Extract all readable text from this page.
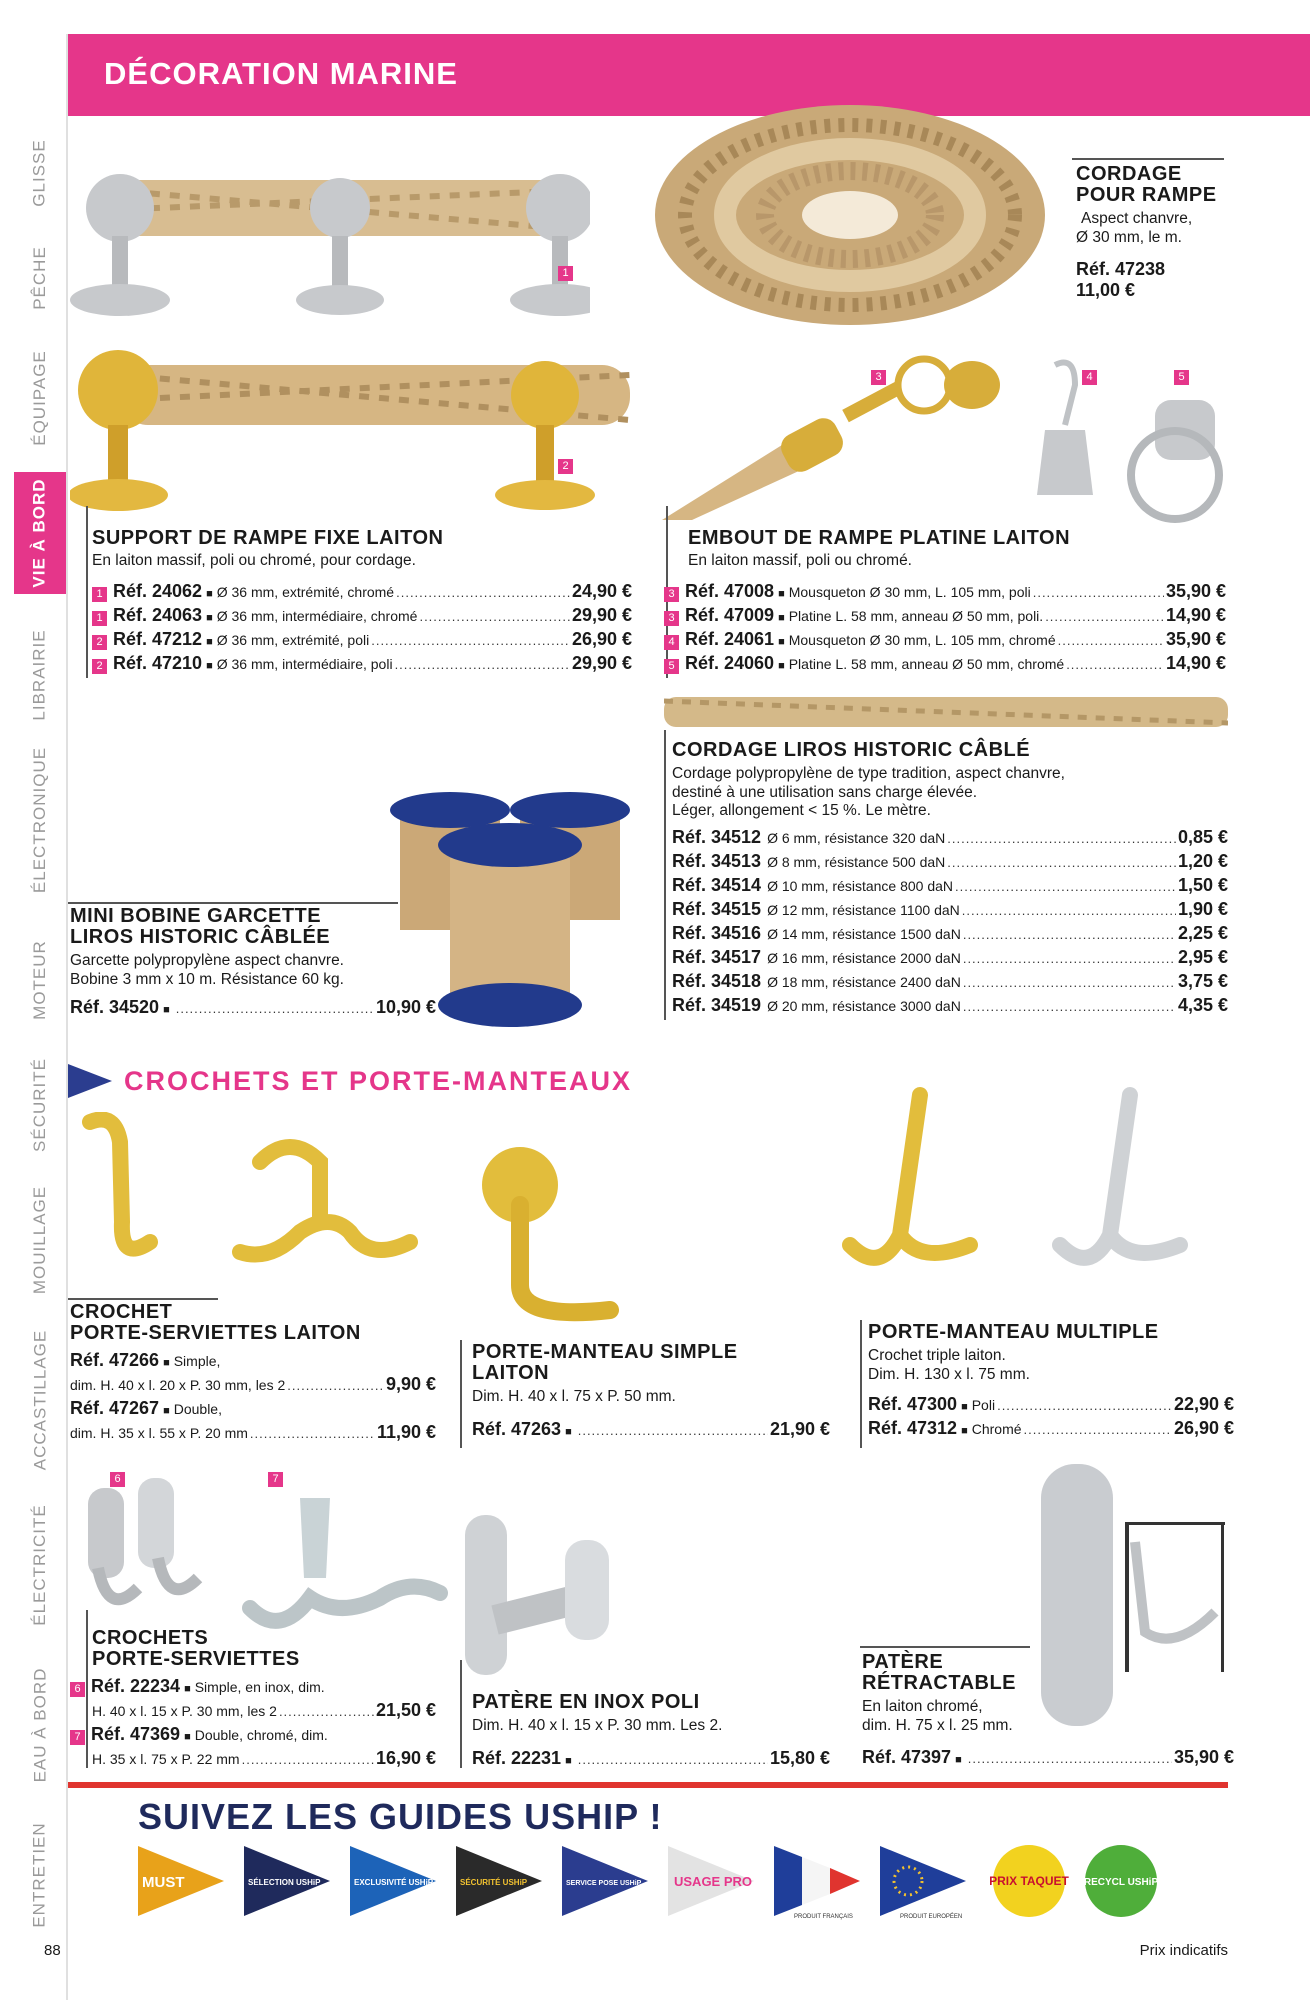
GLISSE
PÊCHE
ÉQUIPAGE
VIE À BORD
LIBRAIRIE
ÉLECTRONIQUE
MOTEUR
SÉCURITÉ
MOUILLAGE
ACCASTILLAGE
ÉLECTRICITÉ
EAU À BORD
ENTRETIEN
DÉCORATION MARINE
CORDAGE
POUR RAMPE
Aspect chanvre,
Ø 30 mm, le m.
Réf. 47238
11,00 €
1
2
3	4	5
SUPPORT DE RAMPE FIXE LAITON
En laiton massif, poli ou chromé, pour cordage.
1 Réf. 24062 ■ Ø 36 mm, extrémité, chromé .....	24,90 €
1 Réf. 24063 ■ Ø 36 mm, intermédiaire, chromé .....	29,90 €
2 Réf. 47212 ■ Ø 36 mm, extrémité, poli .....	26,90 €
2 Réf. 47210 ■ Ø 36 mm, intermédiaire, poli .....	29,90 €
EMBOUT DE RAMPE PLATINE LAITON
En laiton massif, poli ou chromé.
3 Réf. 47008 ■ Mousqueton Ø 30 mm, L. 105 mm, poli .....	35,90 €
3 Réf. 47009 ■ Platine L. 58 mm, anneau Ø 50 mm, poli. .....	14,90 €
4 Réf. 24061 ■ Mousqueton Ø 30 mm, L. 105 mm, chromé .....	35,90 €
5 Réf. 24060 ■ Platine L. 58 mm, anneau Ø 50 mm, chromé .....	14,90 €
CORDAGE LIROS HISTORIC CÂBLÉ
Cordage polypropylène de type tradition, aspect chanvre,
destiné à une utilisation sans charge élevée.
Léger, allongement < 15 %. Le mètre.
Réf. 34512 Ø 6 mm, résistance 320 daN .....	0,85 €
Réf. 34513 Ø 8 mm, résistance 500 daN .....	1,20 €
Réf. 34514 Ø 10 mm, résistance 800 daN .....	1,50 €
Réf. 34515 Ø 12 mm, résistance 1100 daN .....	1,90 €
Réf. 34516 Ø 14 mm, résistance 1500 daN .....	2,25 €
Réf. 34517 Ø 16 mm, résistance 2000 daN .....	2,95 €
Réf. 34518 Ø 18 mm, résistance 2400 daN .....	3,75 €
Réf. 34519 Ø 20 mm, résistance 3000 daN .....	4,35 €
MINI BOBINE GARCETTE
LIROS HISTORIC CÂBLÉE
Garcette polypropylène aspect chanvre.
Bobine 3 mm x 10 m. Résistance 60 kg.
Réf. 34520 ■ .....	10,90 €
CROCHETS ET PORTE-MANTEAUX
CROCHET
PORTE-SERVIETTES LAITON
Réf. 47266 ■ Simple,
dim. H. 40 x l. 20 x P. 30 mm, les 2 .....	9,90 €
Réf. 47267 ■ Double,
dim. H. 35 x l. 55 x P. 20 mm .....	11,90 €
PORTE-MANTEAU SIMPLE
LAITON
Dim. H. 40 x l. 75 x P. 50 mm.
Réf. 47263 ■ .....	21,90 €
PORTE-MANTEAU MULTIPLE
Crochet triple laiton.
Dim. H. 130 x l. 75 mm.
Réf. 47300 ■ Poli .....	22,90 €
Réf. 47312 ■ Chromé .....	26,90 €
6	7
CROCHETS
PORTE-SERVIETTES
6 Réf. 22234 ■ Simple, en inox, dim.
H. 40 x l. 15 x P. 30 mm, les 2 .....	21,50 €
7 Réf. 47369 ■ Double, chromé, dim.
H. 35 x l. 75 x P. 22 mm .....	16,90 €
PATÈRE EN INOX POLI
Dim. H. 40 x l. 15 x P. 30 mm. Les 2.
Réf. 22231 ■ .....	15,80 €
PATÈRE
RÉTRACTABLE
En laiton chromé,
dim. H. 75 x l. 25 mm.
Réf. 47397 ■ .....	35,90 €
SUIVEZ LES GUIDES USHIP !
MUST	SÉLECTION USHiP	EXCLUSIVITÉ USHiP	SÉCURITÉ USHiP	SERVICE POSE USHiP	USAGE PRO
PRODUIT FRANÇAIS	PRODUIT EUROPÉEN
PRIX TAQUET RECYCL USHiP
88	Prix indicatifs
